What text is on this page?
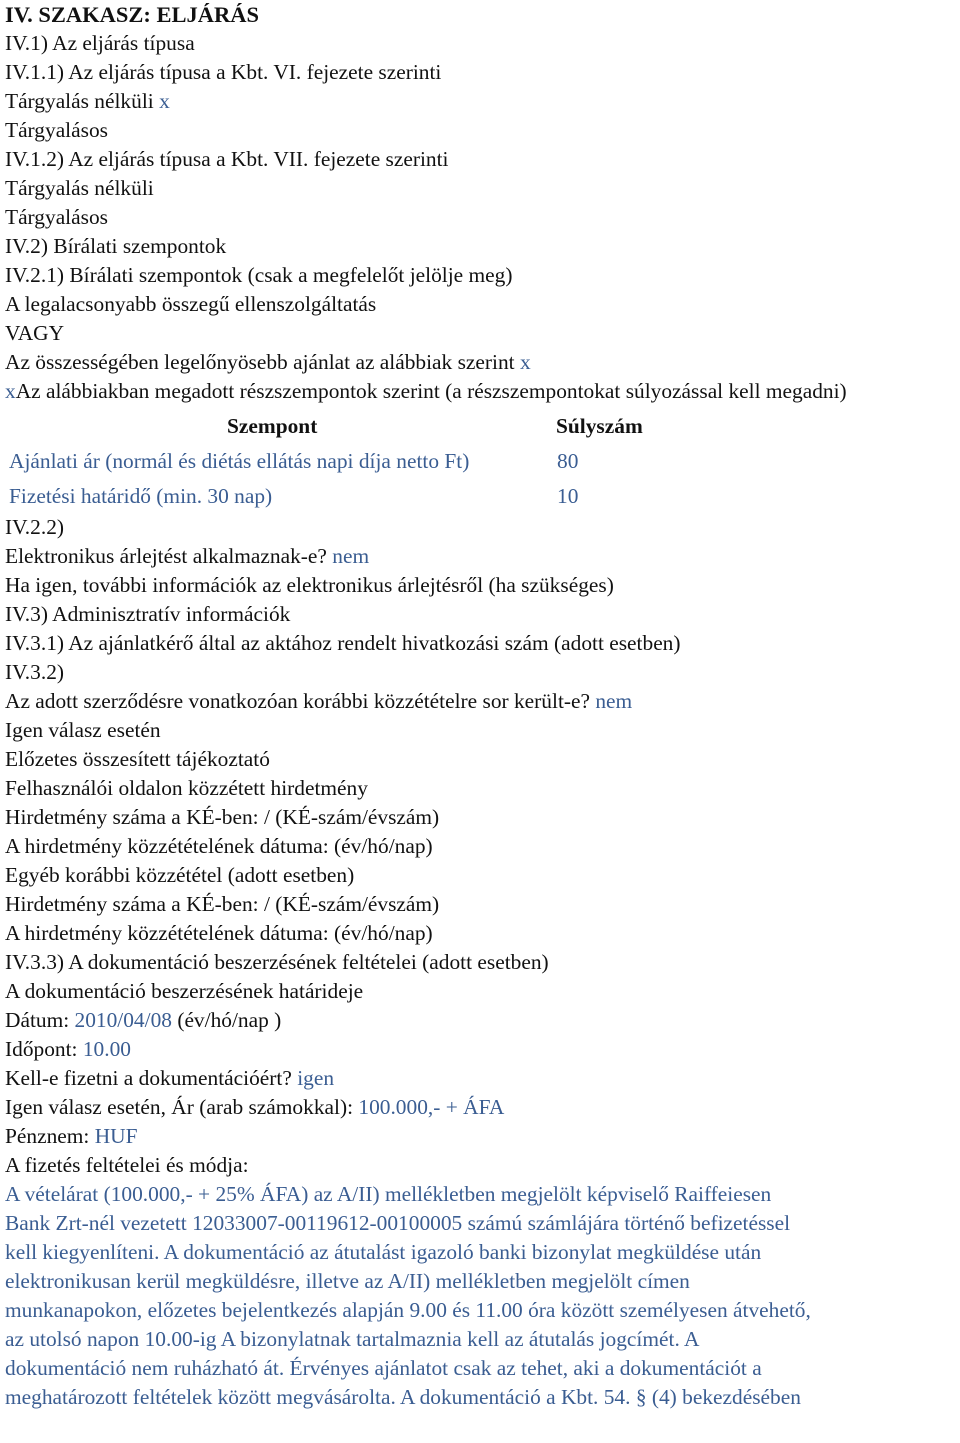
IV. SZAKASZ: ELJÁRÁS
IV.1) Az eljárás típusa
IV.1.1) Az eljárás típusa a Kbt. VI. fejezete szerinti
Tárgyalás nélküli x
Tárgyalásos
IV.1.2) Az eljárás típusa a Kbt. VII. fejezete szerinti
Tárgyalás nélküli
Tárgyalásos
IV.2) Bírálati szempontok
IV.2.1) Bírálati szempontok (csak a megfelelőt jelölje meg)
A legalacsonyabb összegű ellenszolgáltatás
VAGY
Az összességében legelőnyösebb ajánlat az alábbiak szerint x
xAz alábbiakban megadott részszempontok szerint (a részszempontokat súlyozással kell megadni)
Szempont	Súlyszám
Ajánlati ár (normál és diétás ellátás napi díja netto Ft)	80
Fizetési határidő (min. 30 nap)	10
IV.2.2)
Elektronikus árlejtést alkalmaznak-e? nem
Ha igen, további információk az elektronikus árlejtésről (ha szükséges)
IV.3) Adminisztratív információk
IV.3.1) Az ajánlatkérő által az aktához rendelt hivatkozási szám (adott esetben)
IV.3.2)
Az adott szerződésre vonatkozóan korábbi közzétételre sor került-e? nem
Igen válasz esetén
Előzetes összesített tájékoztató
Felhasználói oldalon közzétett hirdetmény
Hirdetmény száma a KÉ-ben: / (KÉ-szám/évszám)
A hirdetmény közzétételének dátuma: (év/hó/nap)
Egyéb korábbi közzététel (adott esetben)
Hirdetmény száma a KÉ-ben: / (KÉ-szám/évszám)
A hirdetmény közzétételének dátuma: (év/hó/nap)
IV.3.3) A dokumentáció beszerzésének feltételei (adott esetben)
A dokumentáció beszerzésének határideje
Dátum: 2010/04/08 (év/hó/nap )
Időpont: 10.00
Kell-e fizetni a dokumentációért? igen
Igen válasz esetén, Ár (arab számokkal): 100.000,- + ÁFA
Pénznem: HUF
A fizetés feltételei és módja:
A vételárat (100.000,- + 25% ÁFA) az A/II) mellékletben megjelölt képviselő Raiffeiesen
Bank Zrt-nél vezetett 12033007-00119612-00100005 számú számlájára történő befizetéssel
kell kiegyenlíteni. A dokumentáció az átutalást igazoló banki bizonylat megküldése után
elektronikusan kerül megküldésre, illetve az A/II) mellékletben megjelölt címen
munkanapokon, előzetes bejelentkezés alapján 9.00 és 11.00 óra között személyesen átvehető,
az utolsó napon 10.00-ig A bizonylatnak tartalmaznia kell az átutalás jogcímét. A
dokumentáció nem ruházható át. Érvényes ajánlatot csak az tehet, aki a dokumentációt a
meghatározott feltételek között megvásárolta. A dokumentáció a Kbt. 54. § (4) bekezdésében
